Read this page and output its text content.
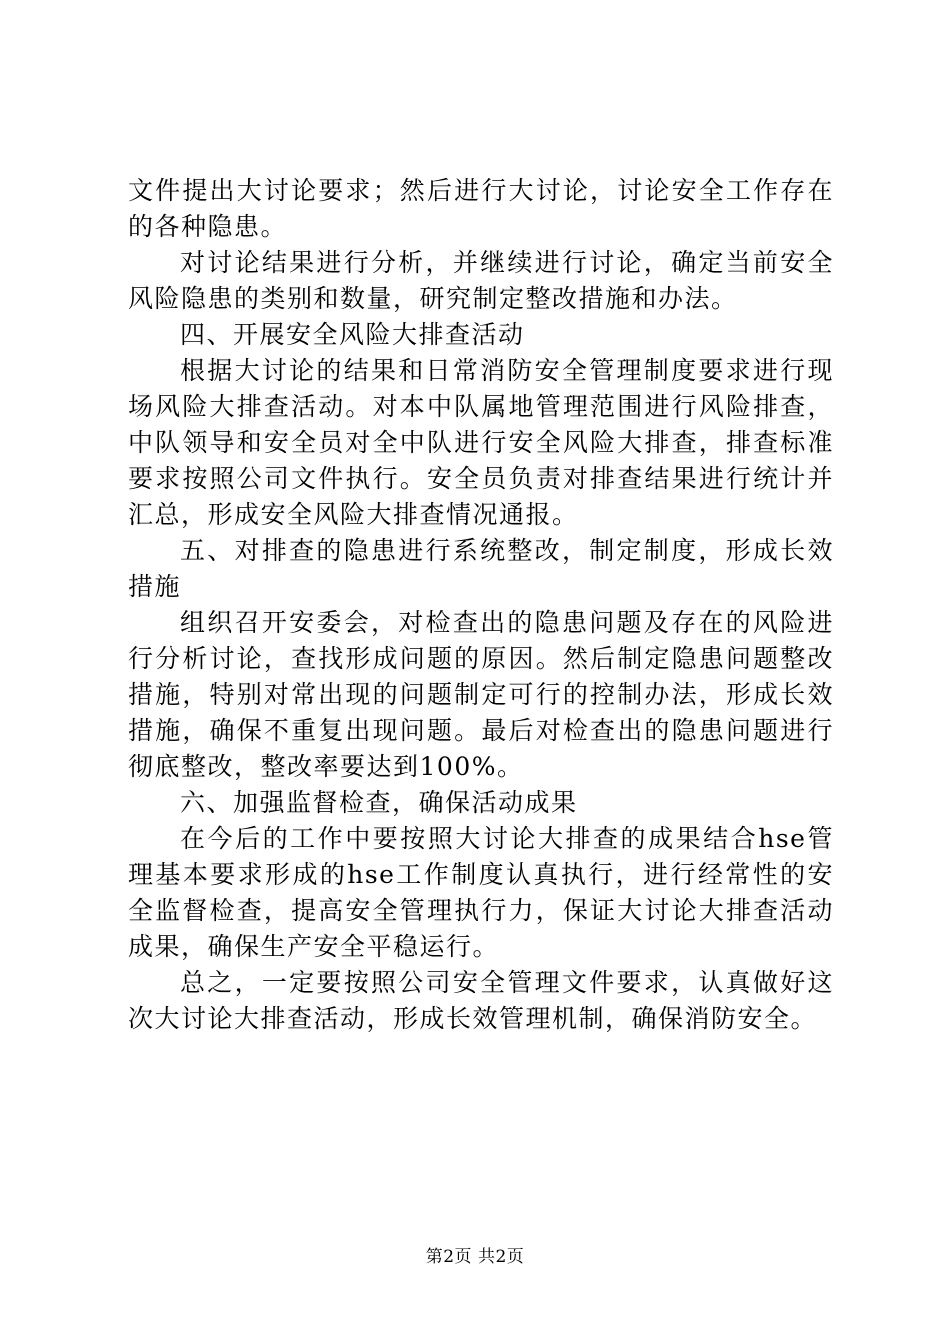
文件提出大讨论要求；然后进行大讨论，讨论安全工作存在的各种隐患。

对讨论结果进行分析，并继续进行讨论，确定当前安全风险隐患的类别和数量，研究制定整改措施和办法。

四、开展安全风险大排查活动

根据大讨论的结果和日常消防安全管理制度要求进行现场风险大排查活动。对本中队属地管理范围进行风险排查，中队领导和安全员对全中队进行安全风险大排查，排查标准要求按照公司文件执行。安全员负责对排查结果进行统计并汇总，形成安全风险大排查情况通报。

五、对排查的隐患进行系统整改，制定制度，形成长效措施

组织召开安委会，对检查出的隐患问题及存在的风险进行分析讨论，查找形成问题的原因。然后制定隐患问题整改措施，特别对常出现的问题制定可行的控制办法，形成长效措施，确保不重复出现问题。最后对检查出的隐患问题进行彻底整改，整改率要达到100%。

六、加强监督检查，确保活动成果

在今后的工作中要按照大讨论大排查的成果结合hse管理基本要求形成的hse工作制度认真执行，进行经常性的安全监督检查，提高安全管理执行力，保证大讨论大排查活动成果，确保生产安全平稳运行。

总之，一定要按照公司安全管理文件要求，认真做好这次大讨论大排查活动，形成长效管理机制，确保消防安全。

第2页 共2页
